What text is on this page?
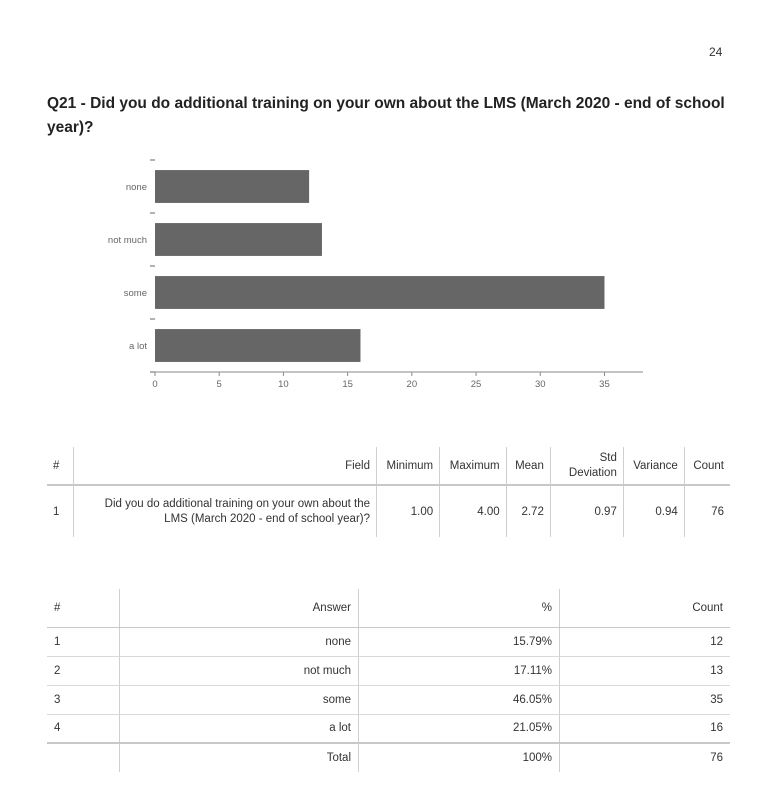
24
Q21 - Did you do additional training on your own about the LMS (March 2020 - end of school year)?
none
not much
some
a lot
0	5	10	15	20	25	30	35
#	Field	Minimum	Maximum	Mean	Std Deviation	Variance	Count
1	Did you do additional training on your own about the LMS (March 2020 - end of school year)?	1.00	4.00	2.72	0.97	0.94	76
#	Answer	%	Count
1	none	15.79%	12
2	not much	17.11%	13
3	some	46.05%	35
4	a lot	21.05%	16
	Total	100%	76
